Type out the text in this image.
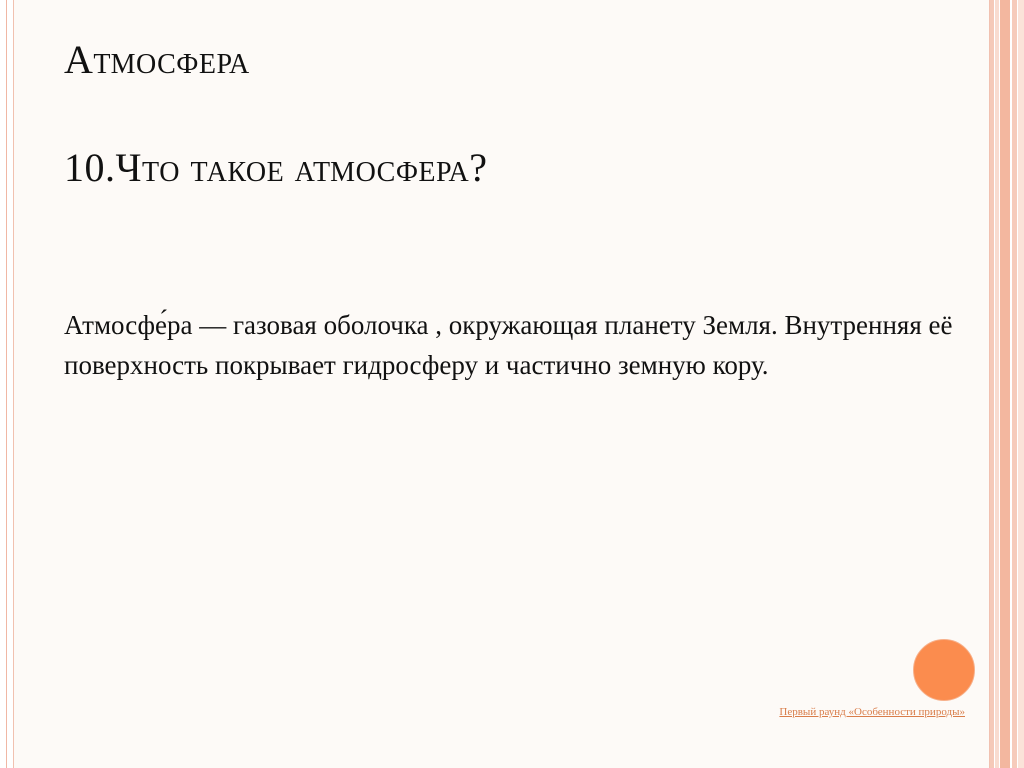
Атмосфера
10.Что такое атмосфера?

Атмосфе́ра — газовая оболочка , окружающая планету Земля. Внутренняя её поверхность покрывает гидросферу и частично земную кору.

Первый раунд «Особенности природы»
